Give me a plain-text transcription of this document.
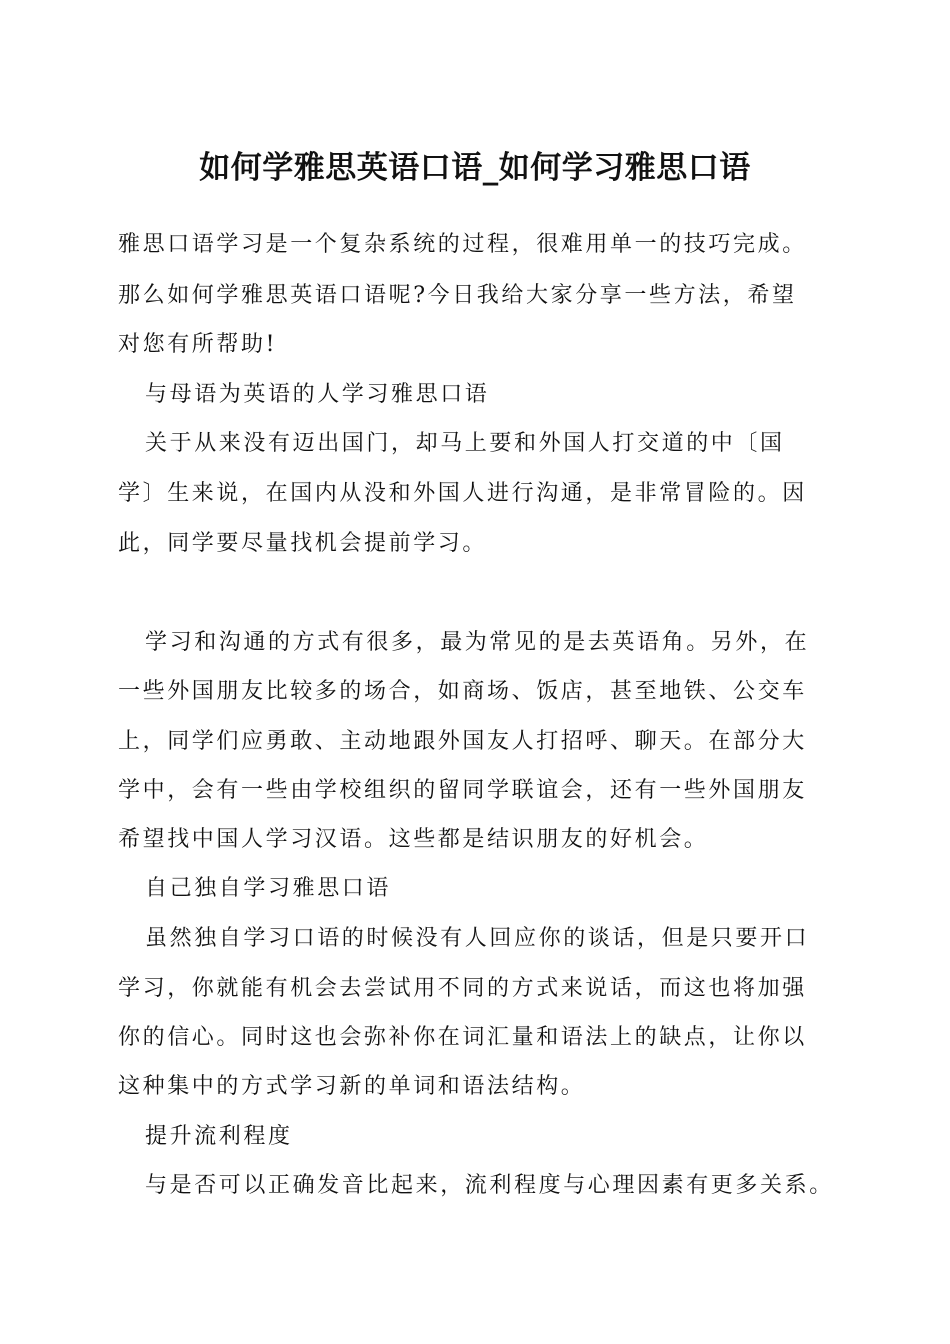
如何学雅思英语口语_如何学习雅思口语
雅思口语学习是一个复杂系统的过程，很难用单一的技巧完成。
那么如何学雅思英语口语呢?今日我给大家分享一些方法，希望
对您有所帮助!
与母语为英语的人学习雅思口语
关于从来没有迈出国门，却马上要和外国人打交道的中〔国
学〕生来说，在国内从没和外国人进行沟通，是非常冒险的。因
此，同学要尽量找机会提前学习。
学习和沟通的方式有很多，最为常见的是去英语角。另外，在
一些外国朋友比较多的场合，如商场、饭店，甚至地铁、公交车
上，同学们应勇敢、主动地跟外国友人打招呼、聊天。在部分大
学中，会有一些由学校组织的留同学联谊会，还有一些外国朋友
希望找中国人学习汉语。这些都是结识朋友的好机会。
自己独自学习雅思口语
虽然独自学习口语的时候没有人回应你的谈话，但是只要开口
学习，你就能有机会去尝试用不同的方式来说话，而这也将加强
你的信心。同时这也会弥补你在词汇量和语法上的缺点，让你以
这种集中的方式学习新的单词和语法结构。
提升流利程度
与是否可以正确发音比起来，流利程度与心理因素有更多关系。
